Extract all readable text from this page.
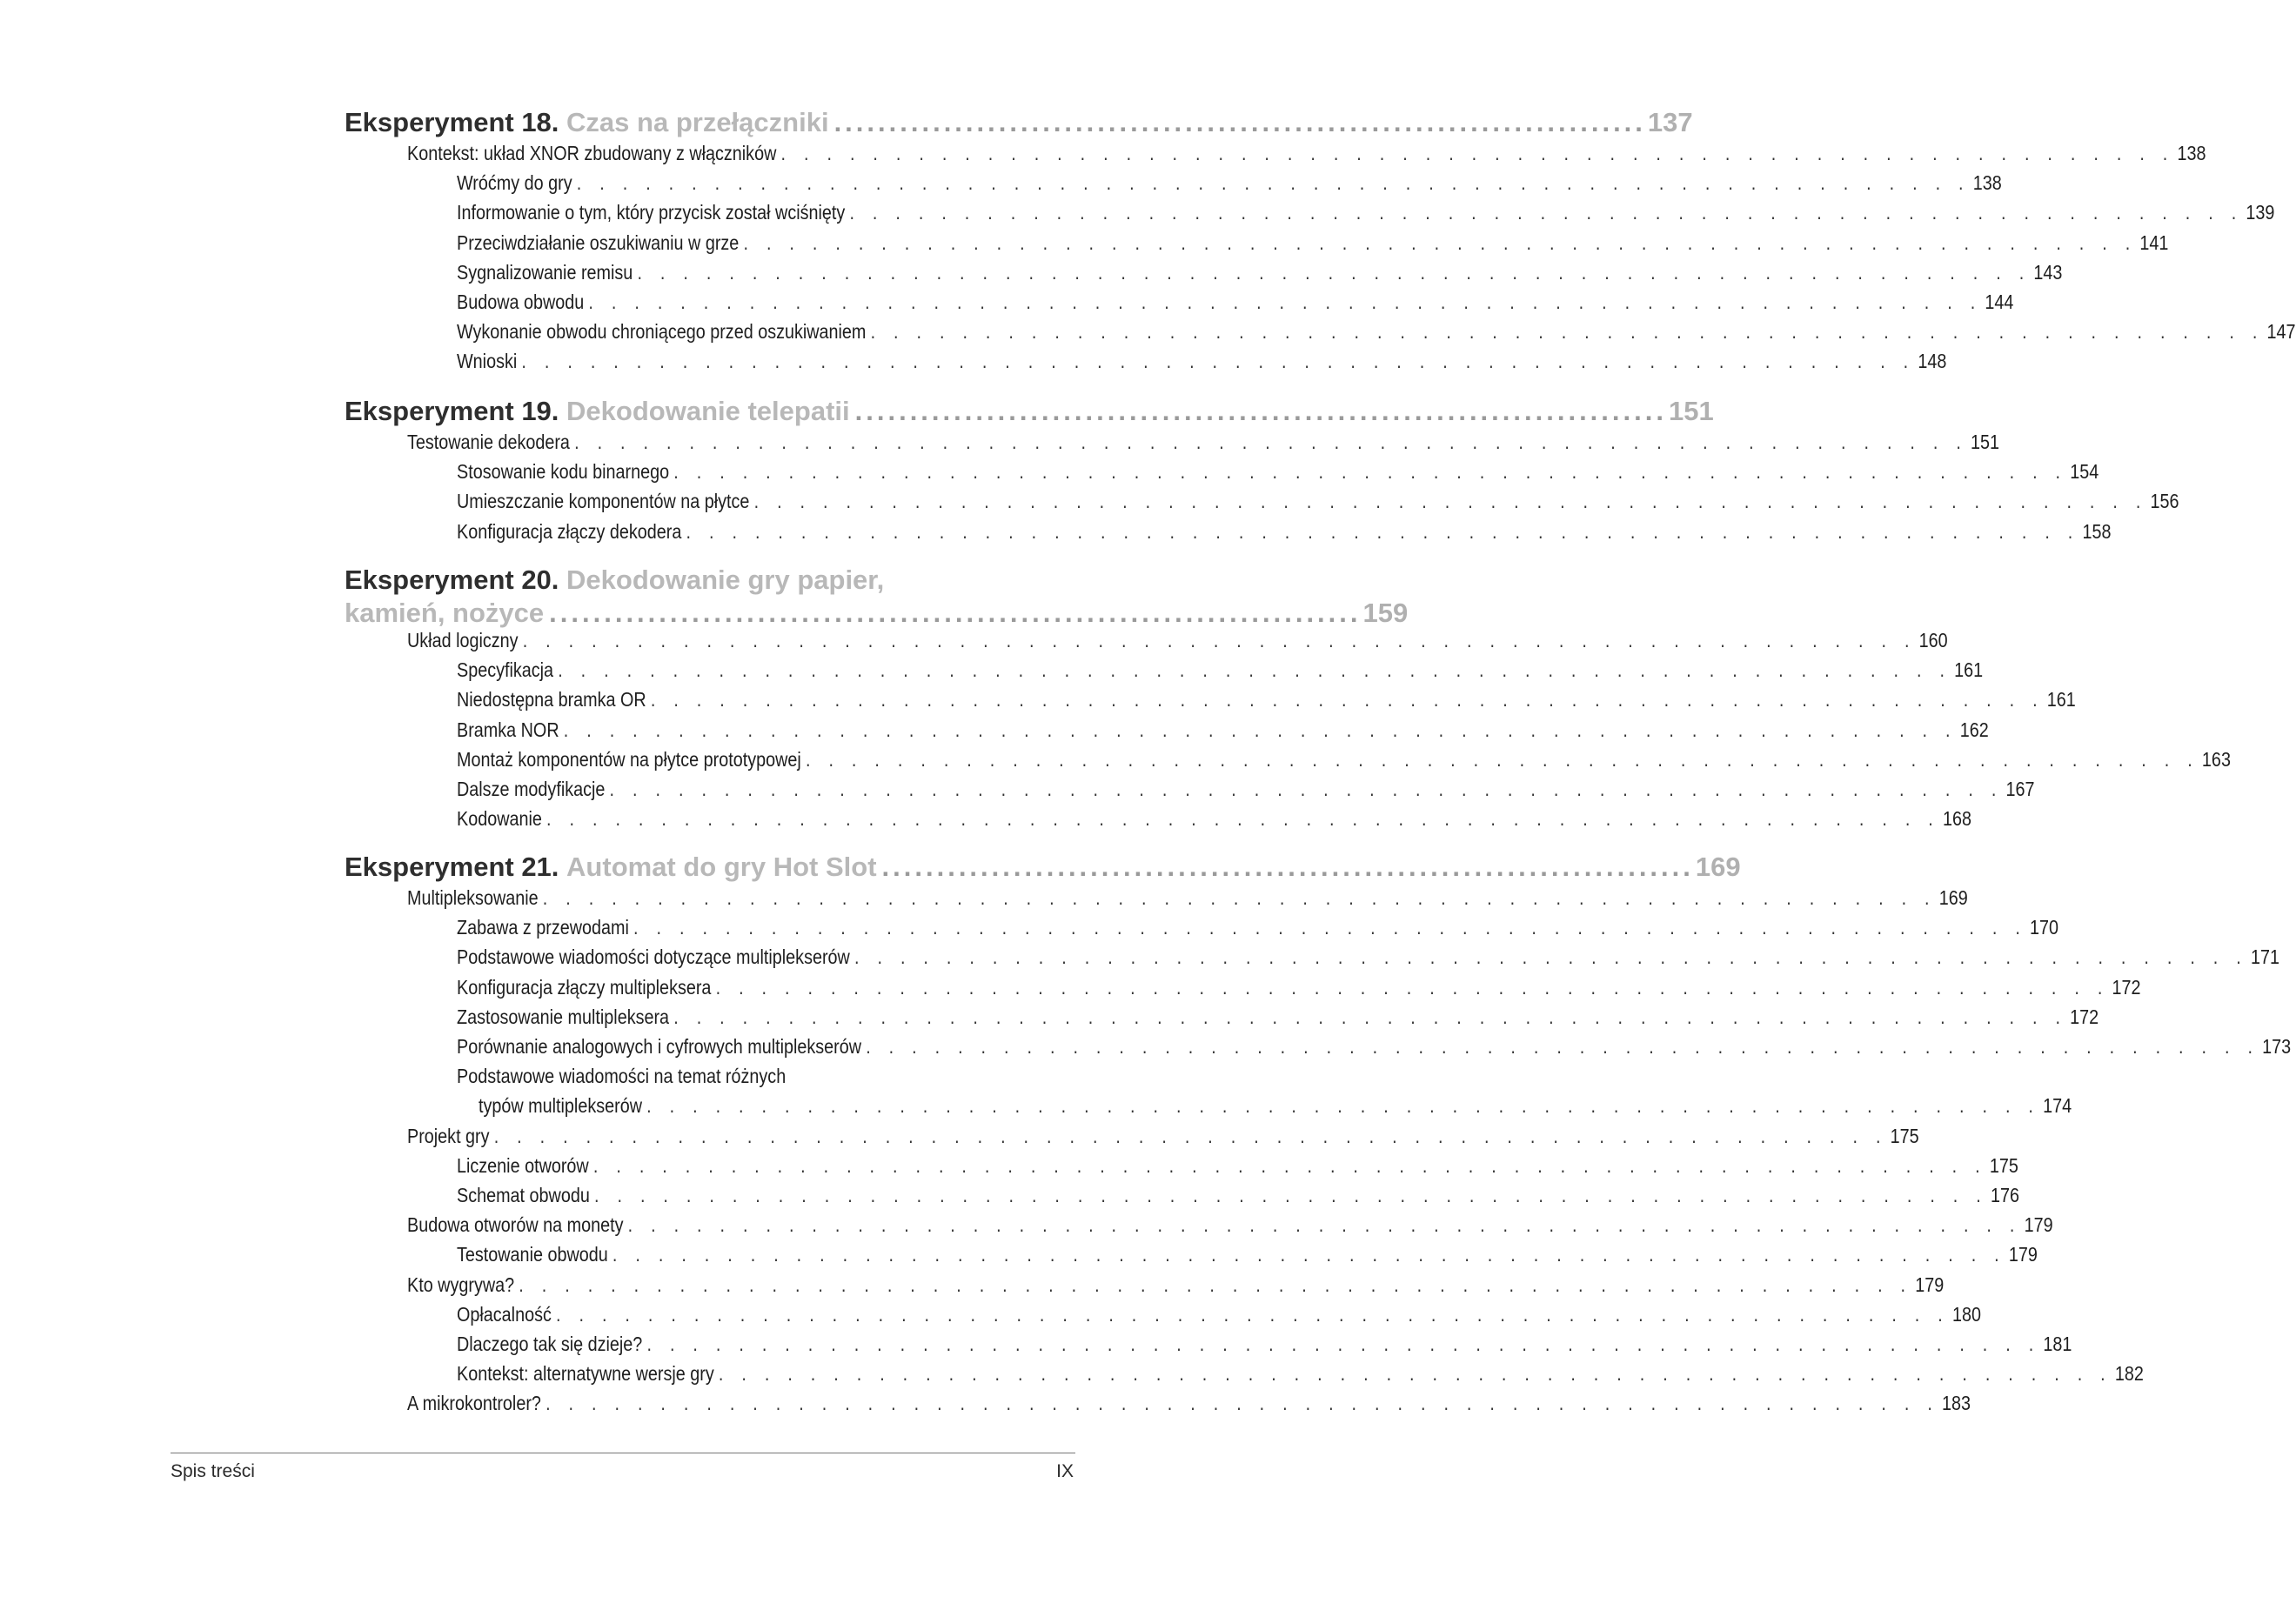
Eksperyment 18.
Czas na przełączniki .......................................................................... 137
Kontekst: układ XNOR zbudowany z włączników . . . . . . . . . . . . . . . . . . . . . . . . . . . . . . . . . . . . . . . . . . . . . . . . . . . . . . . . . . . . . 138
Wróćmy do gry . . . . . . . . . . . . . . . . . . . . . . . . . . . . . . . . . . . . . . . . . . . . . . . . . . . . . . . . . . . . . 138
Informowanie o tym, który przycisk został wciśnięty . . . . . . . . . . . . . . . . . . . . . . . . . . . . . . . . . . . . . . . . . . . . . . . . . . . . . . . . . . . . . 139
Przeciwdziałanie oszukiwaniu w grze . . . . . . . . . . . . . . . . . . . . . . . . . . . . . . . . . . . . . . . . . . . . . . . . . . . . . . . . . . . . . 141
Sygnalizowanie remisu . . . . . . . . . . . . . . . . . . . . . . . . . . . . . . . . . . . . . . . . . . . . . . . . . . . . . . . . . . . . . 143
Budowa obwodu . . . . . . . . . . . . . . . . . . . . . . . . . . . . . . . . . . . . . . . . . . . . . . . . . . . . . . . . . . . . . 144
Wykonanie obwodu chroniącego przed oszukiwaniem . . . . . . . . . . . . . . . . . . . . . . . . . . . . . . . . . . . . . . . . . . . . . . . . . . . . . . . . . . . . . 147
Wnioski . . . . . . . . . . . . . . . . . . . . . . . . . . . . . . . . . . . . . . . . . . . . . . . . . . . . . . . . . . . . . 148
Eksperyment 19.
Dekodowanie telepatii .......................................................................... 151
Testowanie dekodera . . . . . . . . . . . . . . . . . . . . . . . . . . . . . . . . . . . . . . . . . . . . . . . . . . . . . . . . . . . . . 151
Stosowanie kodu binarnego . . . . . . . . . . . . . . . . . . . . . . . . . . . . . . . . . . . . . . . . . . . . . . . . . . . . . . . . . . . . . 154
Umieszczanie komponentów na płytce . . . . . . . . . . . . . . . . . . . . . . . . . . . . . . . . . . . . . . . . . . . . . . . . . . . . . . . . . . . . . 156
Konfiguracja złączy dekodera . . . . . . . . . . . . . . . . . . . . . . . . . . . . . . . . . . . . . . . . . . . . . . . . . . . . . . . . . . . . . 158
Eksperyment 20.
Dekodowanie gry papier,
kamień, nożyce .......................................................................... 159
Układ logiczny . . . . . . . . . . . . . . . . . . . . . . . . . . . . . . . . . . . . . . . . . . . . . . . . . . . . . . . . . . . . . 160
Specyfikacja . . . . . . . . . . . . . . . . . . . . . . . . . . . . . . . . . . . . . . . . . . . . . . . . . . . . . . . . . . . . . 161
Niedostępna bramka OR . . . . . . . . . . . . . . . . . . . . . . . . . . . . . . . . . . . . . . . . . . . . . . . . . . . . . . . . . . . . . 161
Bramka NOR . . . . . . . . . . . . . . . . . . . . . . . . . . . . . . . . . . . . . . . . . . . . . . . . . . . . . . . . . . . . . 162
Montaż komponentów na płytce prototypowej . . . . . . . . . . . . . . . . . . . . . . . . . . . . . . . . . . . . . . . . . . . . . . . . . . . . . . . . . . . . . 163
Dalsze modyfikacje . . . . . . . . . . . . . . . . . . . . . . . . . . . . . . . . . . . . . . . . . . . . . . . . . . . . . . . . . . . . . 167
Kodowanie . . . . . . . . . . . . . . . . . . . . . . . . . . . . . . . . . . . . . . . . . . . . . . . . . . . . . . . . . . . . . 168
Eksperyment 21.
Automat do gry Hot Slot .......................................................................... 169
Multipleksowanie . . . . . . . . . . . . . . . . . . . . . . . . . . . . . . . . . . . . . . . . . . . . . . . . . . . . . . . . . . . . . 169
Zabawa z przewodami . . . . . . . . . . . . . . . . . . . . . . . . . . . . . . . . . . . . . . . . . . . . . . . . . . . . . . . . . . . . . 170
Podstawowe wiadomości dotyczące multiplekserów . . . . . . . . . . . . . . . . . . . . . . . . . . . . . . . . . . . . . . . . . . . . . . . . . . . . . . . . . . . . . 171
Konfiguracja złączy multipleksera . . . . . . . . . . . . . . . . . . . . . . . . . . . . . . . . . . . . . . . . . . . . . . . . . . . . . . . . . . . . . 172
Zastosowanie multipleksera . . . . . . . . . . . . . . . . . . . . . . . . . . . . . . . . . . . . . . . . . . . . . . . . . . . . . . . . . . . . . 172
Porównanie analogowych i cyfrowych multiplekserów . . . . . . . . . . . . . . . . . . . . . . . . . . . . . . . . . . . . . . . . . . . . . . . . . . . . . . . . . . . . . 173
Podstawowe wiadomości na temat różnych
typów multiplekserów . . . . . . . . . . . . . . . . . . . . . . . . . . . . . . . . . . . . . . . . . . . . . . . . . . . . . . . . . . . . . 174
Projekt gry . . . . . . . . . . . . . . . . . . . . . . . . . . . . . . . . . . . . . . . . . . . . . . . . . . . . . . . . . . . . . 175
Liczenie otworów . . . . . . . . . . . . . . . . . . . . . . . . . . . . . . . . . . . . . . . . . . . . . . . . . . . . . . . . . . . . . 175
Schemat obwodu . . . . . . . . . . . . . . . . . . . . . . . . . . . . . . . . . . . . . . . . . . . . . . . . . . . . . . . . . . . . . 176
Budowa otworów na monety . . . . . . . . . . . . . . . . . . . . . . . . . . . . . . . . . . . . . . . . . . . . . . . . . . . . . . . . . . . . . 179
Testowanie obwodu . . . . . . . . . . . . . . . . . . . . . . . . . . . . . . . . . . . . . . . . . . . . . . . . . . . . . . . . . . . . . 179
Kto wygrywa? . . . . . . . . . . . . . . . . . . . . . . . . . . . . . . . . . . . . . . . . . . . . . . . . . . . . . . . . . . . . . 179
Opłacalność . . . . . . . . . . . . . . . . . . . . . . . . . . . . . . . . . . . . . . . . . . . . . . . . . . . . . . . . . . . . . 180
Dlaczego tak się dzieje? . . . . . . . . . . . . . . . . . . . . . . . . . . . . . . . . . . . . . . . . . . . . . . . . . . . . . . . . . . . . . 181
Kontekst: alternatywne wersje gry . . . . . . . . . . . . . . . . . . . . . . . . . . . . . . . . . . . . . . . . . . . . . . . . . . . . . . . . . . . . . 182
A mikrokontroler? . . . . . . . . . . . . . . . . . . . . . . . . . . . . . . . . . . . . . . . . . . . . . . . . . . . . . . . . . . . . . 183
Spis treści	IX
